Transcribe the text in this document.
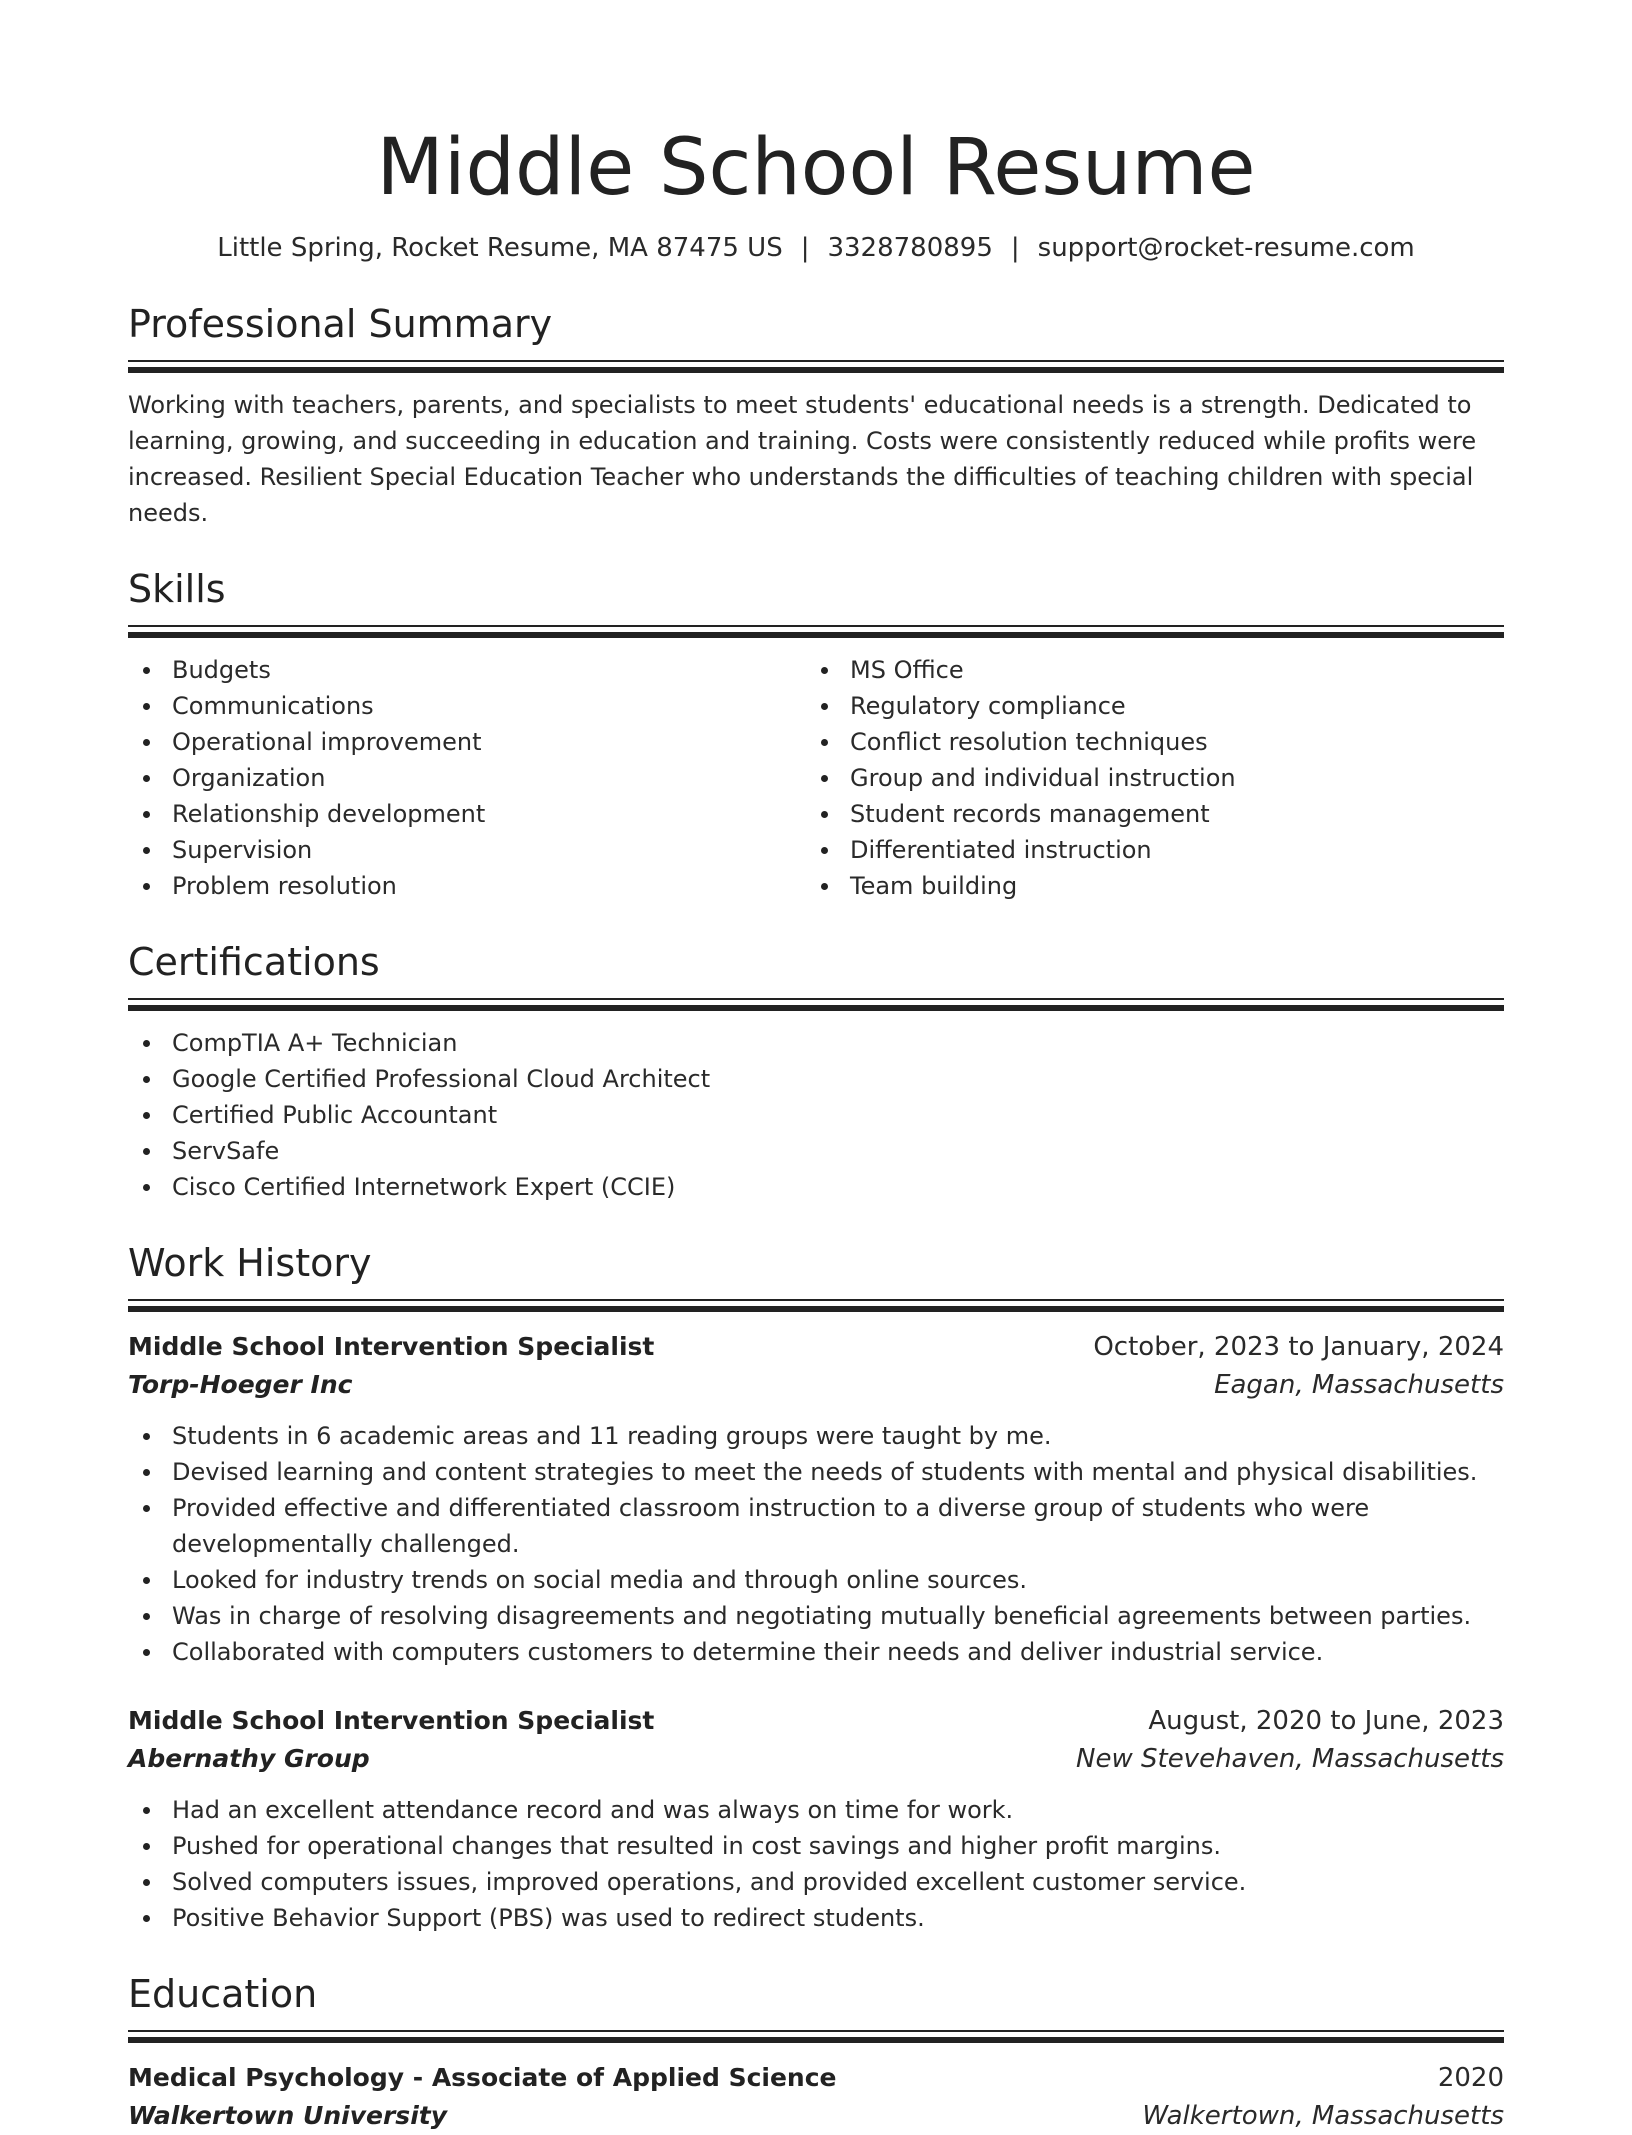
Middle School Resume
Little Spring, Rocket Resume, MA 87475 US | 3328780895 | support@rocket-resume.com
Professional Summary

Working with teachers, parents, and specialists to meet students' educational needs is a strength. Dedicated to learning, growing, and succeeding in education and training. Costs were consistently reduced while profits were increased. Resilient Special Education Teacher who understands the difficulties of teaching children with special needs.

Skills
Budgets
Communications
Operational improvement
Organization
Relationship development
Supervision
Problem resolution
MS Office
Regulatory compliance
Conflict resolution techniques
Group and individual instruction
Student records management
Differentiated instruction
Team building
Certifications
CompTIA A+ Technician
Google Certified Professional Cloud Architect
Certified Public Accountant
ServSafe
Cisco Certified Internetwork Expert (CCIE)
Work History
Middle School Intervention Specialist	October, 2023 to January, 2024
Torp-Hoeger Inc	Eagan, Massachusetts
Students in 6 academic areas and 11 reading groups were taught by me.
Devised learning and content strategies to meet the needs of students with mental and physical disabilities.
Provided effective and differentiated classroom instruction to a diverse group of students who were developmentally challenged.
Looked for industry trends on social media and through online sources.
Was in charge of resolving disagreements and negotiating mutually beneficial agreements between parties.
Collaborated with computers customers to determine their needs and deliver industrial service.
Middle School Intervention Specialist	August, 2020 to June, 2023
Abernathy Group	New Stevehaven, Massachusetts
Had an excellent attendance record and was always on time for work.
Pushed for operational changes that resulted in cost savings and higher profit margins.
Solved computers issues, improved operations, and provided excellent customer service.
Positive Behavior Support (PBS) was used to redirect students.
Education
Medical Psychology - Associate of Applied Science	2020
Walkertown University	Walkertown, Massachusetts
